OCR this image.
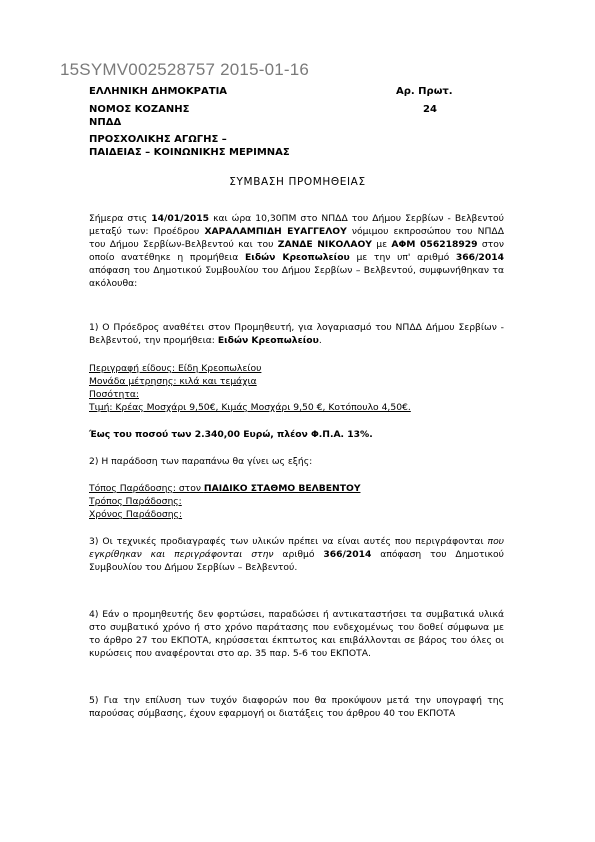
15SYMV002528757 2015-01-16
ΕΛΛΗΝΙΚΗ ΔΗΜΟΚΡΑΤΙΑ	Αρ. Πρωτ.
ΝΟΜΟΣ ΚΟΖΑΝΗΣ	24
ΝΠΔΔ
ΠΡΟΣΧΟΛΙΚΗΣ ΑΓΩΓΗΣ –
ΠΑΙΔΕΙΑΣ – ΚΟΙΝΩΝΙΚΗΣ ΜΕΡΙΜΝΑΣ
ΣΥΜΒΑΣΗ ΠΡΟΜΗΘΕΙΑΣ
Σήμερα στις 14/01/2015 και ώρα 10,30ΠΜ στο ΝΠΔΔ του Δήμου Σερβίων - Βελβεντού μεταξύ των: Προέδρου ΧΑΡΑΛΑΜΠΙΔΗ ΕΥΑΓΓΕΛΟΥ νόμιμου εκπροσώπου του ΝΠΔΔ του Δήμου Σερβίων-Βελβεντού και του ΖΑΝΔΕ ΝΙΚΟΛΑΟΥ με ΑΦΜ 056218929 στον οποίο ανατέθηκε η προμήθεια Ειδών Κρεοπωλείου με την υπ' αριθμό 366/2014 απόφαση του Δημοτικού Συμβουλίου του Δήμου Σερβίων – Βελβεντού, συμφωνήθηκαν τα ακόλουθα:
1) Ο Πρόεδρος αναθέτει στον Προμηθευτή, για λογαριασμό του ΝΠΔΔ Δήμου Σερβίων - Βελβεντού, την προμήθεια: Ειδών Κρεοπωλείου.
Περιγραφή είδους: Είδη Κρεοπωλείου
Μονάδα μέτρησης: κιλά και τεμάχια
Ποσότητα:
Τιμή: Κρέας Μοσχάρι 9,50€, Κιμάς Μοσχάρι 9,50 €, Κοτόπουλο 4,50€.
Έως του ποσού των 2.340,00 Ευρώ, πλέον Φ.Π.Α. 13%.
2) Η παράδοση των παραπάνω θα γίνει ως εξής:
Τόπος Παράδοσης: στον ΠΑΙΔΙΚΟ ΣΤΑΘΜΟ ΒΕΛΒΕΝΤΟΥ
Τρόπος Παράδοσης:
Χρόνος Παράδοσης:
3) Οι τεχνικές προδιαγραφές των υλικών πρέπει να είναι αυτές που περιγράφονται που εγκρίθηκαν και περιγράφονται στην αριθμό 366/2014 απόφαση του Δημοτικού Συμβουλίου του Δήμου Σερβίων – Βελβεντού.
4) Εάν ο προμηθευτής δεν φορτώσει, παραδώσει ή αντικαταστήσει τα συμβατικά υλικά στο συμβατικό χρόνο ή στο χρόνο παράτασης που ενδεχομένως του δοθεί σύμφωνα με το άρθρο 27 του ΕΚΠΟΤΑ, κηρύσσεται έκπτωτος και επιβάλλονται σε βάρος του όλες οι κυρώσεις που αναφέρονται στο αρ. 35 παρ. 5-6 του ΕΚΠΟΤΑ.
5) Για την επίλυση των τυχόν διαφορών που θα προκύψουν μετά την υπογραφή της παρούσας σύμβασης, έχουν εφαρμογή οι διατάξεις του άρθρου 40 του ΕΚΠΟΤΑ
